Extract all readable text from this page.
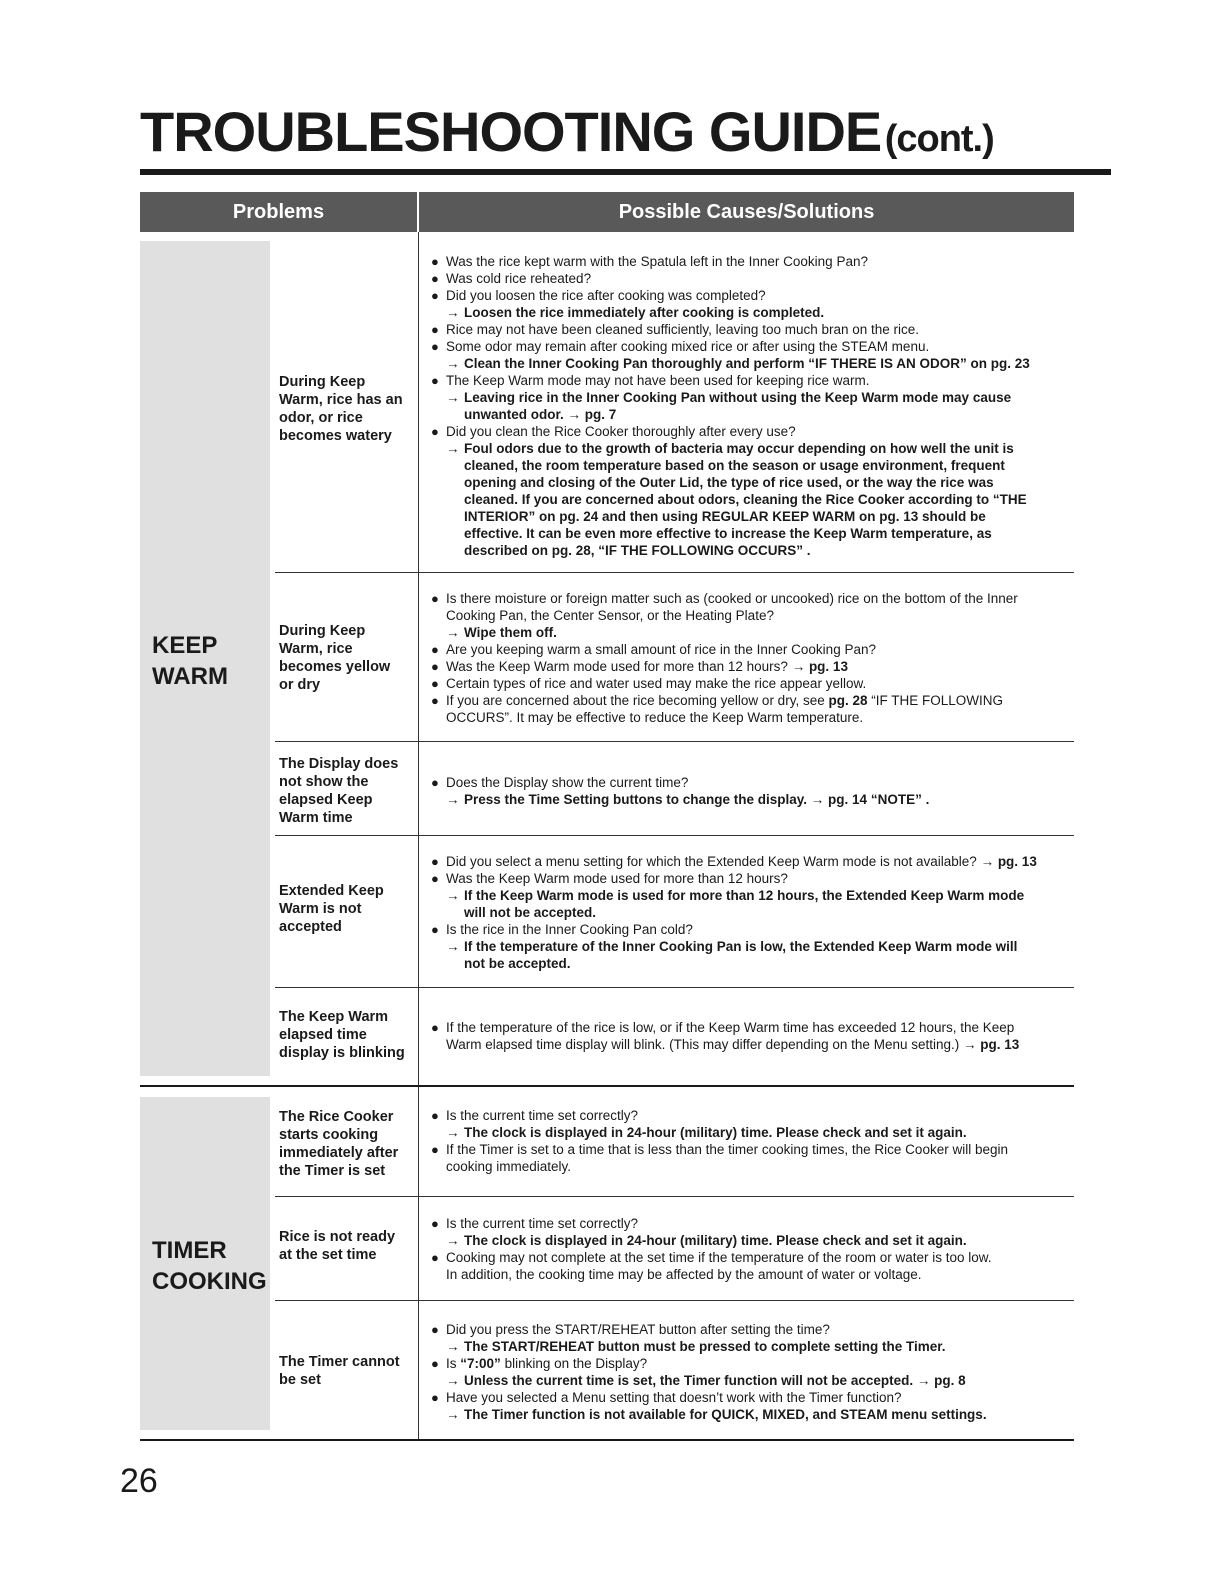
TROUBLESHOOTING GUIDE (cont.)
Problems	Possible Causes/Solutions
KEEP
WARM
TIMER
COOKING
During Keep
Warm, rice has an
odor, or rice
becomes watery
● Was the rice kept warm with the Spatula left in the Inner Cooking Pan?
● Was cold rice reheated?
● Did you loosen the rice after cooking was completed?
→ Loosen the rice immediately after cooking is completed.
● Rice may not have been cleaned sufficiently, leaving too much bran on the rice.
● Some odor may remain after cooking mixed rice or after using the STEAM menu.
→ Clean the Inner Cooking Pan thoroughly and perform “IF THERE IS AN ODOR” on pg. 23
● The Keep Warm mode may not have been used for keeping rice warm.
→ Leaving rice in the Inner Cooking Pan without using the Keep Warm mode may cause
unwanted odor. → pg. 7
● Did you clean the Rice Cooker thoroughly after every use?
→ Foul odors due to the growth of bacteria may occur depending on how well the unit is
cleaned, the room temperature based on the season or usage environment, frequent
opening and closing of the Outer Lid, the type of rice used, or the way the rice was
cleaned. If you are concerned about odors, cleaning the Rice Cooker according to “THE
INTERIOR” on pg. 24 and then using REGULAR KEEP WARM on pg. 13 should be
effective. It can be even more effective to increase the Keep Warm temperature, as
described on pg. 28, “IF THE FOLLOWING OCCURS” .
During Keep
Warm, rice
becomes yellow
or dry
● Is there moisture or foreign matter such as (cooked or uncooked) rice on the bottom of the Inner
Cooking Pan, the Center Sensor, or the Heating Plate?
→ Wipe them off.
● Are you keeping warm a small amount of rice in the Inner Cooking Pan?
● Was the Keep Warm mode used for more than 12 hours? → pg. 13
● Certain types of rice and water used may make the rice appear yellow.
● If you are concerned about the rice becoming yellow or dry, see pg. 28 “IF THE FOLLOWING
OCCURS”. It may be effective to reduce the Keep Warm temperature.
The Display does
not show the
elapsed Keep
Warm time
● Does the Display show the current time?
→ Press the Time Setting buttons to change the display. → pg. 14 “NOTE” .
Extended Keep
Warm is not
accepted
● Did you select a menu setting for which the Extended Keep Warm mode is not available? → pg. 13
● Was the Keep Warm mode used for more than 12 hours?
→ If the Keep Warm mode is used for more than 12 hours, the Extended Keep Warm mode
will not be accepted.
● Is the rice in the Inner Cooking Pan cold?
→ If the temperature of the Inner Cooking Pan is low, the Extended Keep Warm mode will
not be accepted.
The Keep Warm
elapsed time
display is blinking
● If the temperature of the rice is low, or if the Keep Warm time has exceeded 12 hours, the Keep
Warm elapsed time display will blink. (This may differ depending on the Menu setting.) → pg. 13
The Rice Cooker
starts cooking
immediately after
the Timer is set
● Is the current time set correctly?
→ The clock is displayed in 24-hour (military) time. Please check and set it again.
● If the Timer is set to a time that is less than the timer cooking times, the Rice Cooker will begin
cooking immediately.
Rice is not ready
at the set time
● Is the current time set correctly?
→ The clock is displayed in 24-hour (military) time. Please check and set it again.
● Cooking may not complete at the set time if the temperature of the room or water is too low.
In addition, the cooking time may be affected by the amount of water or voltage.
The Timer cannot
be set
● Did you press the START/REHEAT button after setting the time?
→ The START/REHEAT button must be pressed to complete setting the Timer.
● Is “7:00” blinking on the Display?
→ Unless the current time is set, the Timer function will not be accepted. → pg. 8
● Have you selected a Menu setting that doesn’t work with the Timer function?
→ The Timer function is not available for QUICK, MIXED, and STEAM menu settings.
26
